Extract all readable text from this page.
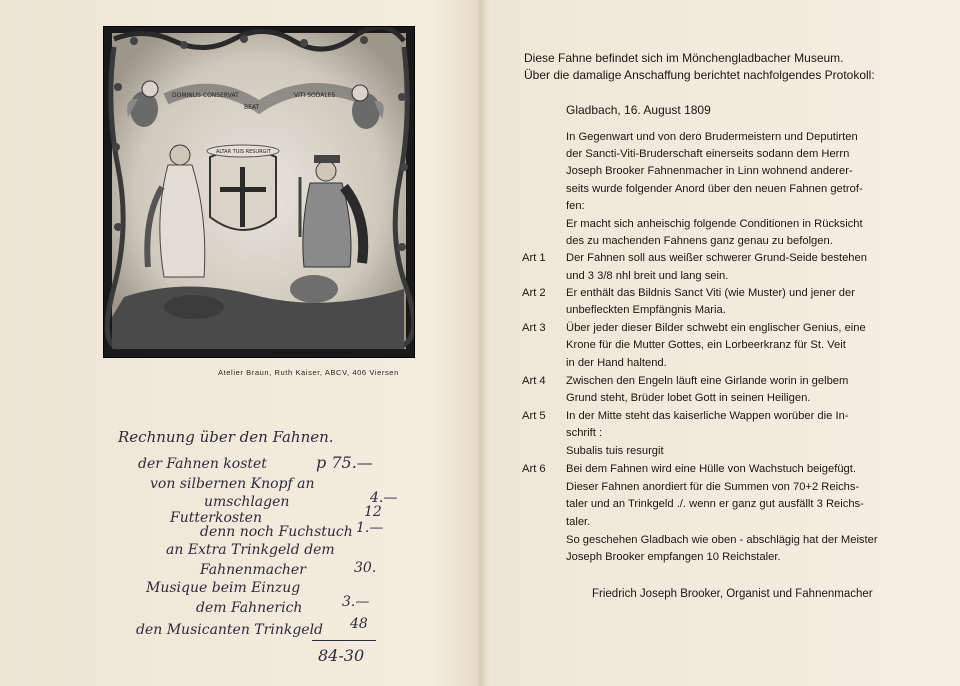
DOMINUS CONSERVAT
BEAT
VITI SODALES
ALTAR TUIS RESURGIT
Atelier Braun, Ruth Kaiser, ABCV, 406 Viersen
Rechnung über den Fahnen.
der Fahnen kostet	p 75.—
von silbernen Knopf an
umschlagen	4.—
Futterkosten	12
denn noch Fuchstuch 1.—
an Extra Trinkgeld dem
Fahnenmacher	30.
Musique beim Einzug
3.—
dem Fahnerich
den Musicanten Trinkgeld 48
84-30
Diese Fahne befindet sich im Mönchengladbacher Museum.
Über die damalige Anschaffung berichtet nachfolgendes Protokoll:
Gladbach, 16. August 1809
In Gegenwart und von dero Brudermeistern und Deputirten
der Sancti-Viti-Bruderschaft einerseits sodann dem Herrn
Joseph Brooker Fahnenmacher in Linn wohnend anderer-
seits wurde folgender Anord über den neuen Fahnen getrof-
fen:
Er macht sich anheischig folgende Conditionen in Rücksicht
des zu machenden Fahnens ganz genau zu befolgen.
Art 1 Der Fahnen soll aus weißer schwerer Grund-Seide bestehen
und 3 3/8 nhl breit und lang sein.
Art 2 Er enthält das Bildnis Sanct Viti (wie Muster) und jener der
unbefleckten Empfängnis Maria.
Art 3 Über jeder dieser Bilder schwebt ein englischer Genius, eine
Krone für die Mutter Gottes, ein Lorbeerkranz für St. Veit
in der Hand haltend.
Art 4 Zwischen den Engeln läuft eine Girlande worin in gelbem
Grund steht, Brüder lobet Gott in seinen Heiligen.
Art 5 In der Mitte steht das kaiserliche Wappen worüber die In-
schrift :
Subalis tuis resurgit
Art 6 Bei dem Fahnen wird eine Hülle von Wachstuch beigefügt.
Dieser Fahnen anordiert für die Summen von 70+2 Reichs-
taler und an Trinkgeld ./. wenn er ganz gut ausfällt 3 Reichs-
taler.
So geschehen Gladbach wie oben - abschlägig hat der Meister
Joseph Brooker empfangen 10 Reichstaler.
Friedrich Joseph Brooker, Organist und Fahnenmacher
